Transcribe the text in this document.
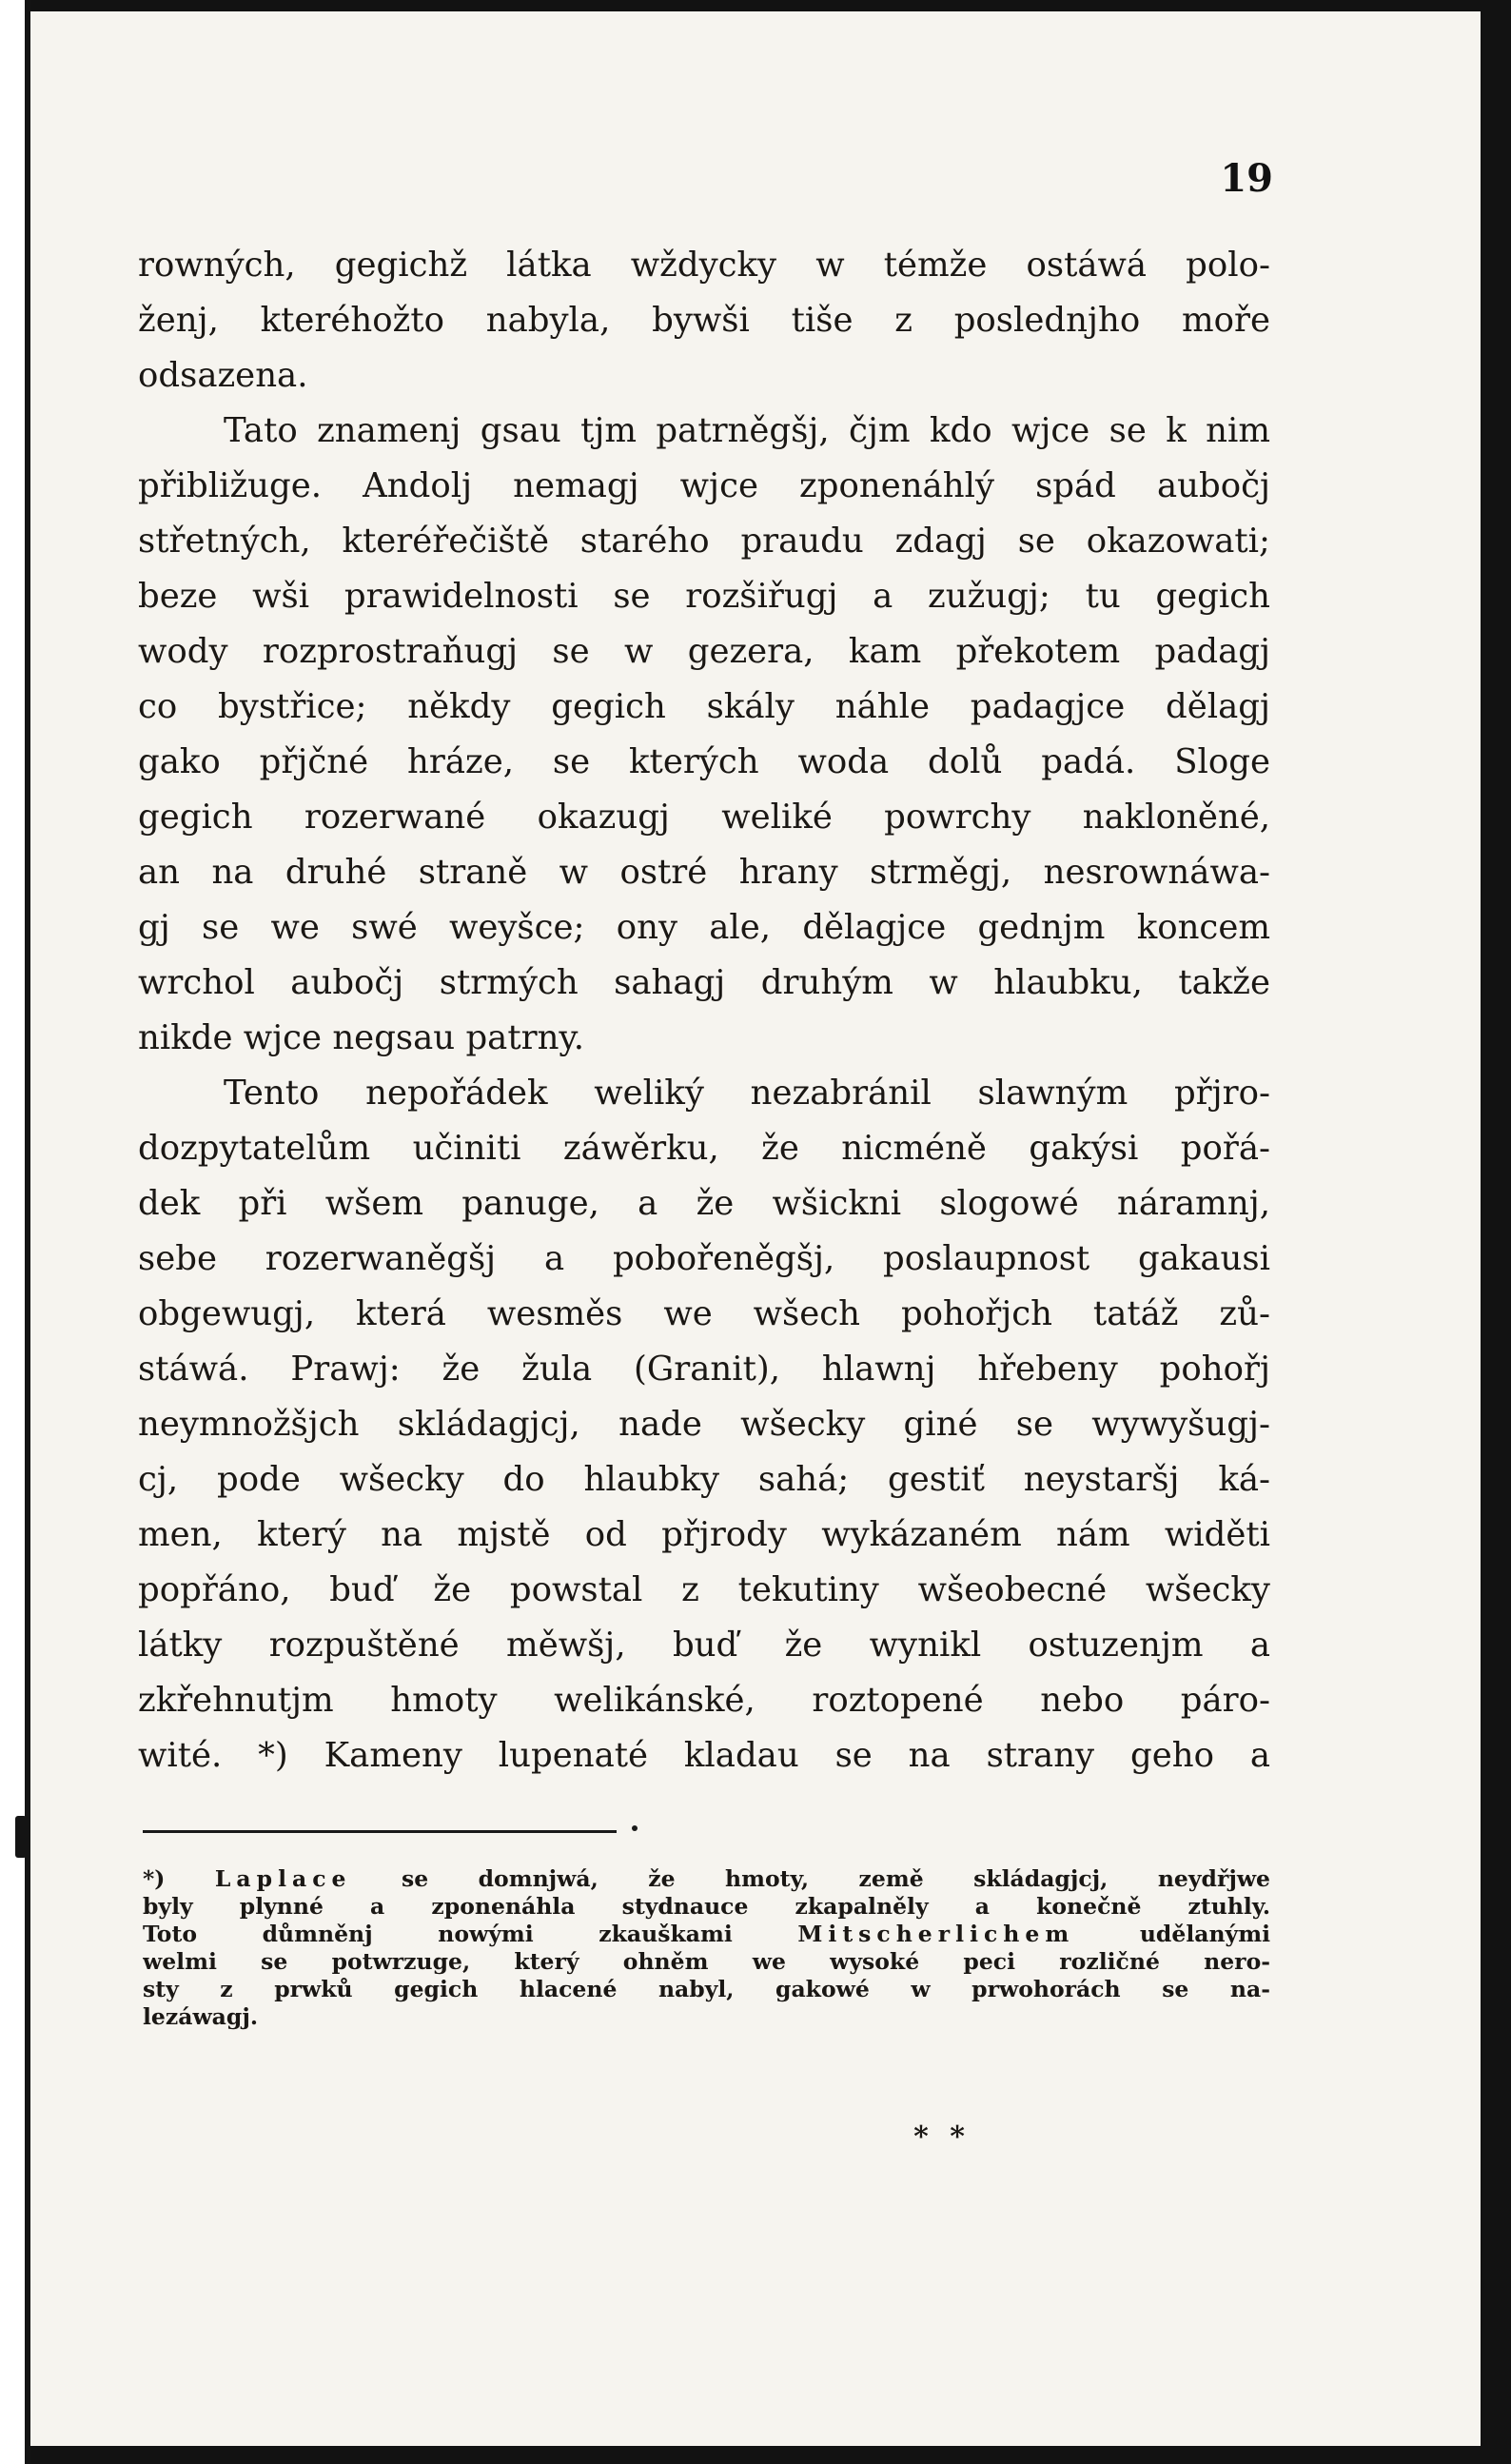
19
rowných, gegichž látka wždycky w témže ostáwá polo-
ženj, kteréhožto nabyla, bywši tiše z poslednjho moře
odsazena.
Tato znamenj gsau tjm patrněgšj, čjm kdo wjce se k nim
přibližuge. Andolj nemagj wjce zponenáhlý spád aubočj
střetných, kteréřečiště starého praudu zdagj se okazowati;
beze wši prawidelnosti se rozšiřugj a zužugj; tu gegich
wody rozprostraňugj se w gezera, kam překotem padagj
co bystřice; někdy gegich skály náhle padagjce dělagj
gako přjčné hráze, se kterých woda dolů padá. Sloge
gegich rozerwané okazugj weliké powrchy nakloněné,
an na druhé straně w ostré hrany strměgj, nesrownáwa-
gj se we swé weyšce; ony ale, dělagjce gednjm koncem
wrchol aubočj strmých sahagj druhým w hlaubku, takže
nikde wjce negsau patrny.
Tento nepořádek weliký nezabránil slawným přjro-
dozpytatelům učiniti záwěrku, že nicméně gakýsi pořá-
dek při wšem panuge, a že wšickni slogowé náramnj,
sebe rozerwaněgšj a pobořeněgšj, poslaupnost gakausi
obgewugj, která wesměs we wšech pohořjch tatáž zů-
stáwá. Prawj: že žula (Granit), hlawnj hřebeny pohořj
neymnožšjch skládagjcj, nade wšecky giné se wywyšugj-
cj, pode wšecky do hlaubky sahá; gestiť neystaršj ká-
men, který na mjstě od přjrody wykázaném nám widěti
popřáno, buď že powstal z tekutiny wšeobecné wšecky
látky rozpuštěné měwšj, buď že wynikl ostuzenjm a
zkřehnutjm hmoty welikánské, roztopené nebo páro-
wité. *) Kameny lupenaté kladau se na strany geho a
*) Laplace se domnjwá, že hmoty, země skládagjcj, neydřjwe
byly plynné a zponenáhla stydnauce zkapalněly a konečně ztuhly.
Toto důmněnj nowými zkauškami	Mitscherlichem	udělanými
welmi se potwrzuge, který ohněm we wysoké peci rozličné nero-
sty z prwků gegich hlacené nabyl, gakowé w prwohorách se na-
lezáwagj.
* *
